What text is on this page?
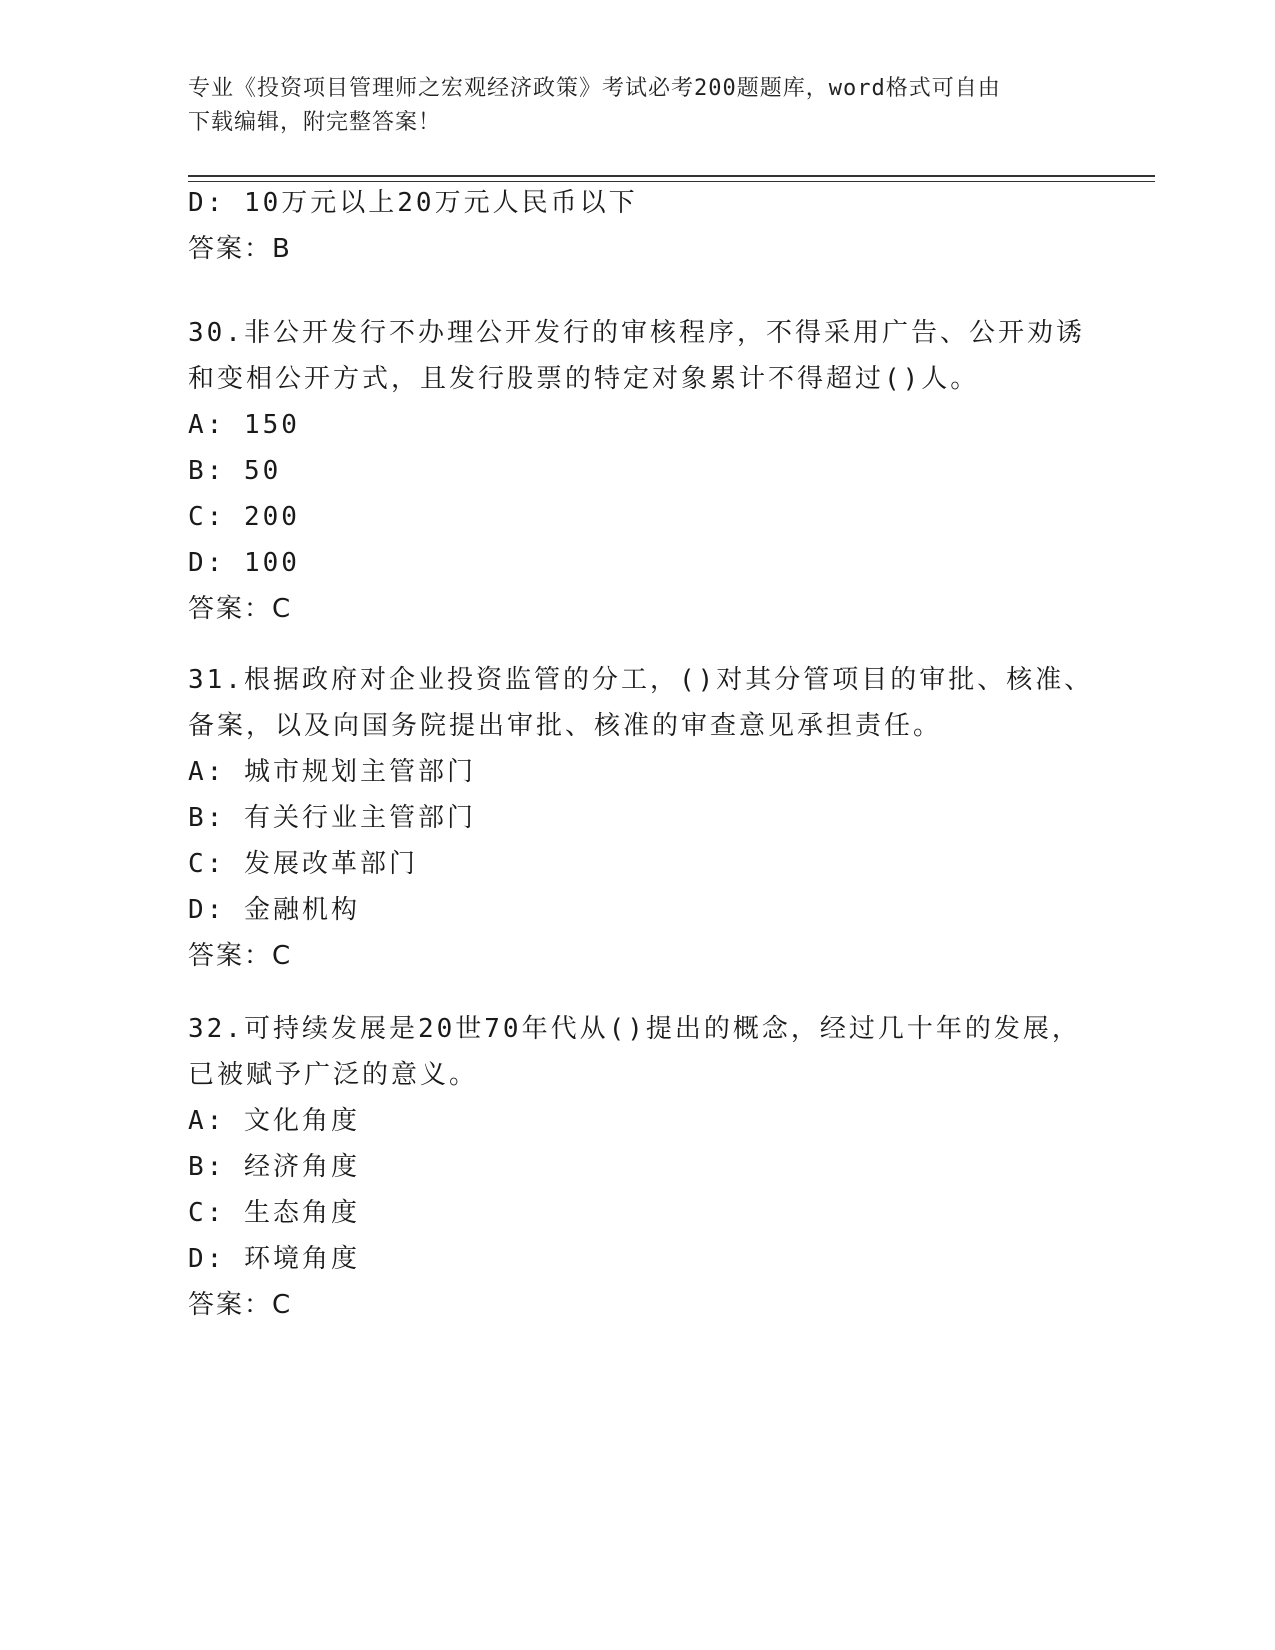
专业《投资项目管理师之宏观经济政策》考试必考200题题库，word格式可自由
下载编辑，附完整答案！
D: 10万元以上20万元人民币以下
答案：B
30.非公开发行不办理公开发行的审核程序，不得采用广告、公开劝诱
和变相公开方式，且发行股票的特定对象累计不得超过()人。
A: 150
B: 50
C: 200
D: 100
答案：C
31.根据政府对企业投资监管的分工，()对其分管项目的审批、核准、
备案，以及向国务院提出审批、核准的审查意见承担责任。
A: 城市规划主管部门
B: 有关行业主管部门
C: 发展改革部门
D: 金融机构
答案：C
32.可持续发展是20世70年代从()提出的概念，经过几十年的发展，
已被赋予广泛的意义。
A: 文化角度
B: 经济角度
C: 生态角度
D: 环境角度
答案：C
